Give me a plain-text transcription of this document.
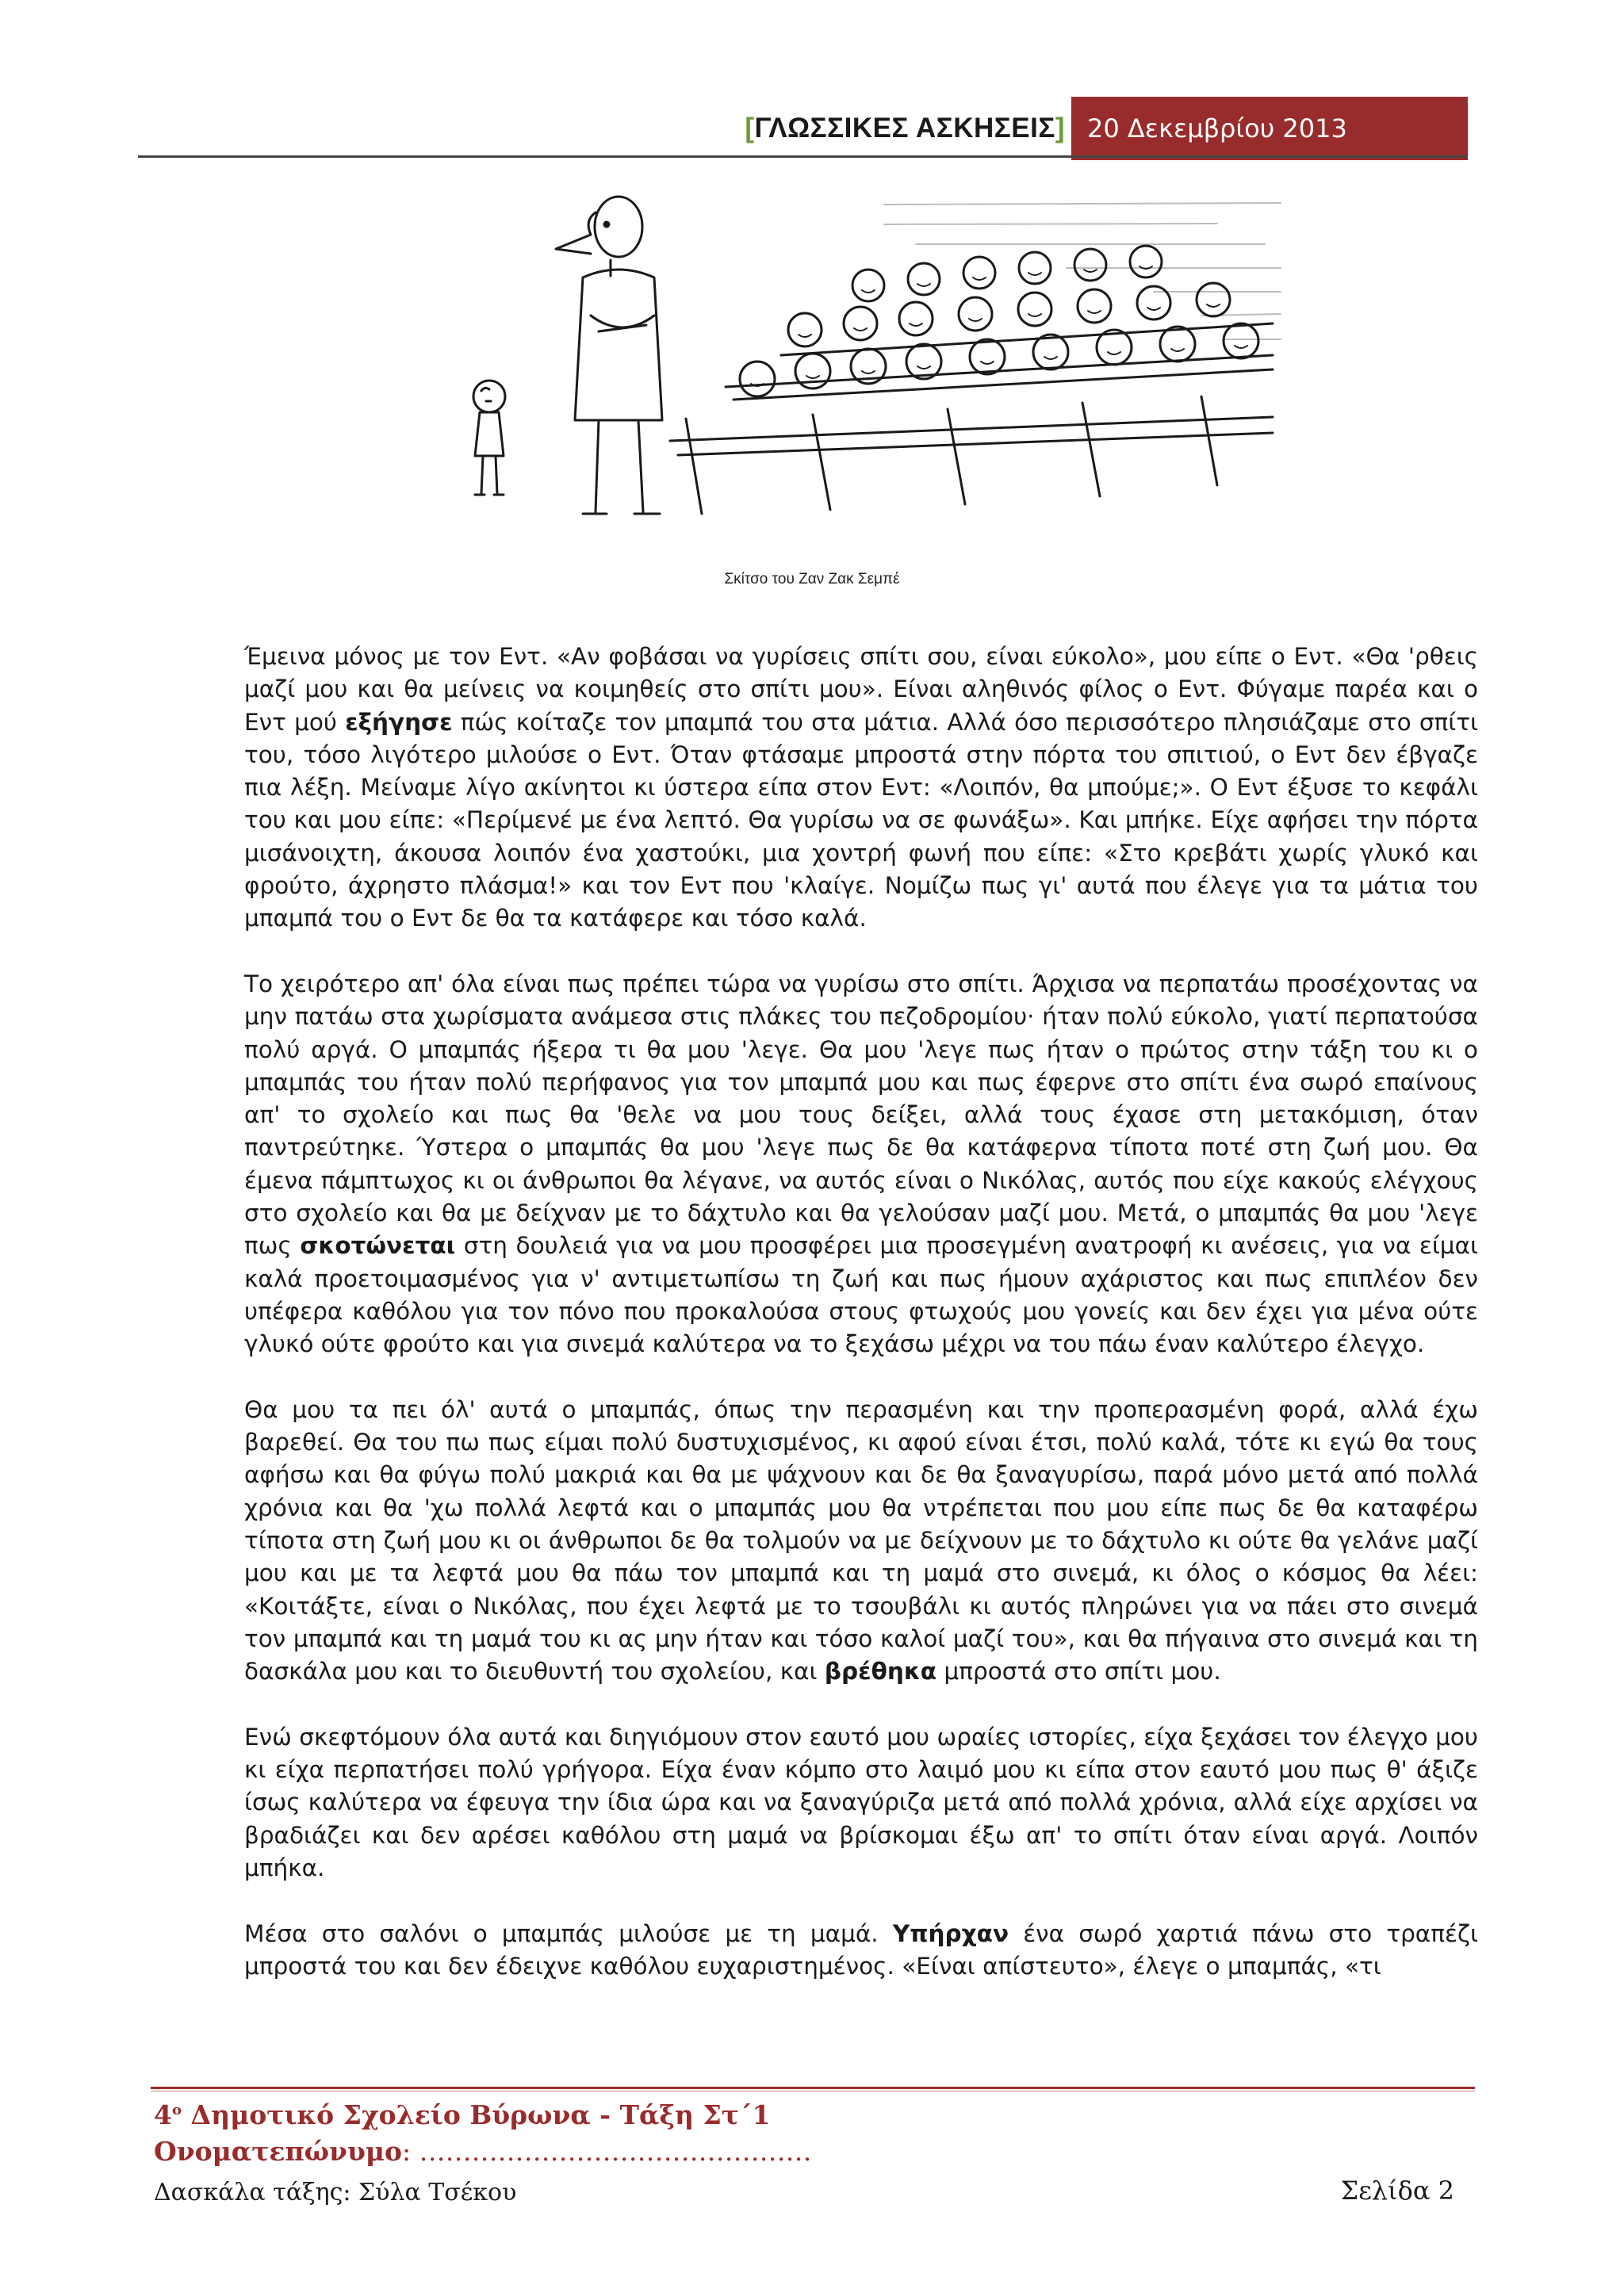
[ΓΛΩΣΣΙΚΕΣ ΑΣΚΗΣΕΙΣ] 20 Δεκεμβρίου 2013
Σκίτσο του Ζαν Ζακ Σεμπέ

Έμεινα μόνος με τον Εντ. «Αν φοβάσαι να γυρίσεις σπίτι σου, είναι εύκολο», μου είπε ο Εντ. «Θα 'ρθεις μαζί μου και θα μείνεις να κοιμηθείς στο σπίτι μου». Είναι αληθινός φίλος ο Εντ. Φύγαμε παρέα και ο Εντ μού εξήγησε πώς κοίταζε τον μπαμπά του στα μάτια. Αλλά όσο περισσότερο πλησιάζαμε στο σπίτι του, τόσο λιγότερο μιλούσε ο Εντ. Όταν φτάσαμε μπροστά στην πόρτα του σπιτιού, ο Εντ δεν έβγαζε πια λέξη. Μείναμε λίγο ακίνητοι κι ύστερα είπα στον Εντ: «Λοιπόν, θα μπούμε;». Ο Εντ έξυσε το κεφάλι του και μου είπε: «Περίμενέ με ένα λεπτό. Θα γυρίσω να σε φωνάξω». Και μπήκε. Είχε αφήσει την πόρτα μισάνοιχτη, άκουσα λοιπόν ένα χαστούκι, μια χοντρή φωνή που είπε: «Στο κρεβάτι χωρίς γλυκό και φρούτο, άχρηστο πλάσμα!» και τον Εντ που 'κλαίγε. Νομίζω πως γι' αυτά που έλεγε για τα μάτια του μπαμπά του ο Εντ δε θα τα κατάφερε και τόσο καλά.

Το χειρότερο απ' όλα είναι πως πρέπει τώρα να γυρίσω στο σπίτι. Άρχισα να περπατάω προσέχοντας να μην πατάω στα χωρίσματα ανάμεσα στις πλάκες του πεζοδρομίου· ήταν πολύ εύκολο, γιατί περπατούσα πολύ αργά. Ο μπαμπάς ήξερα τι θα μου 'λεγε. Θα μου 'λεγε πως ήταν ο πρώτος στην τάξη του κι ο μπαμπάς του ήταν πολύ περήφανος για τον μπαμπά μου και πως έφερνε στο σπίτι ένα σωρό επαίνους απ' το σχολείο και πως θα 'θελε να μου τους δείξει, αλλά τους έχασε στη μετακόμιση, όταν παντρεύτηκε. Ύστερα ο μπαμπάς θα μου 'λεγε πως δε θα κατάφερνα τίποτα ποτέ στη ζωή μου. Θα έμενα πάμπτωχος κι οι άνθρωποι θα λέγανε, να αυτός είναι ο Νικόλας, αυτός που είχε κακούς ελέγχους στο σχολείο και θα με δείχναν με το δάχτυλο και θα γελούσαν μαζί μου. Μετά, ο μπαμπάς θα μου 'λεγε πως σκοτώνεται στη δουλειά για να μου προσφέρει μια προσεγμένη ανατροφή κι ανέσεις, για να είμαι καλά προετοιμασμένος για ν' αντιμετωπίσω τη ζωή και πως ήμουν αχάριστος και πως επιπλέον δεν υπέφερα καθόλου για τον πόνο που προκαλούσα στους φτωχούς μου γονείς και δεν έχει για μένα ούτε γλυκό ούτε φρούτο και για σινεμά καλύτερα να το ξεχάσω μέχρι να του πάω έναν καλύτερο έλεγχο.

Θα μου τα πει όλ' αυτά ο μπαμπάς, όπως την περασμένη και την προπερασμένη φορά, αλλά έχω βαρεθεί. Θα του πω πως είμαι πολύ δυστυχισμένος, κι αφού είναι έτσι, πολύ καλά, τότε κι εγώ θα τους αφήσω και θα φύγω πολύ μακριά και θα με ψάχνουν και δε θα ξαναγυρίσω, παρά μόνο μετά από πολλά χρόνια και θα 'χω πολλά λεφτά και ο μπαμπάς μου θα ντρέπεται που μου είπε πως δε θα καταφέρω τίποτα στη ζωή μου κι οι άνθρωποι δε θα τολμούν να με δείχνουν με το δάχτυλο κι ούτε θα γελάνε μαζί μου και με τα λεφτά μου θα πάω τον μπαμπά και τη μαμά στο σινεμά, κι όλος ο κόσμος θα λέει: «Κοιτάξτε, είναι ο Νικόλας, που έχει λεφτά με το τσουβάλι κι αυτός πληρώνει για να πάει στο σινεμά τον μπαμπά και τη μαμά του κι ας μην ήταν και τόσο καλοί μαζί του», και θα πήγαινα στο σινεμά και τη δασκάλα μου και το διευθυντή του σχολείου, και βρέθηκα μπροστά στο σπίτι μου.

Ενώ σκεφτόμουν όλα αυτά και διηγιόμουν στον εαυτό μου ωραίες ιστορίες, είχα ξεχάσει τον έλεγχο μου κι είχα περπατήσει πολύ γρήγορα. Είχα έναν κόμπο στο λαιμό μου κι είπα στον εαυτό μου πως θ' άξιζε ίσως καλύτερα να έφευγα την ίδια ώρα και να ξαναγύριζα μετά από πολλά χρόνια, αλλά είχε αρχίσει να βραδιάζει και δεν αρέσει καθόλου στη μαμά να βρίσκομαι έξω απ' το σπίτι όταν είναι αργά. Λοιπόν μπήκα.

Μέσα στο σαλόνι ο μπαμπάς μιλούσε με τη μαμά. Υπήρχαν ένα σωρό χαρτιά πάνω στο τραπέζι μπροστά του και δεν έδειχνε καθόλου ευχαριστημένος. «Είναι απίστευτο», έλεγε ο μπαμπάς, «τι

$4^o$ Δημοτικό Σχολείο Βύρωνα - Τάξη Στ΄1
Ονοματεπώνυμο: ………………………………………
Δασκάλα τάξης: Σύλα Τσέκου	Σελίδα 2
